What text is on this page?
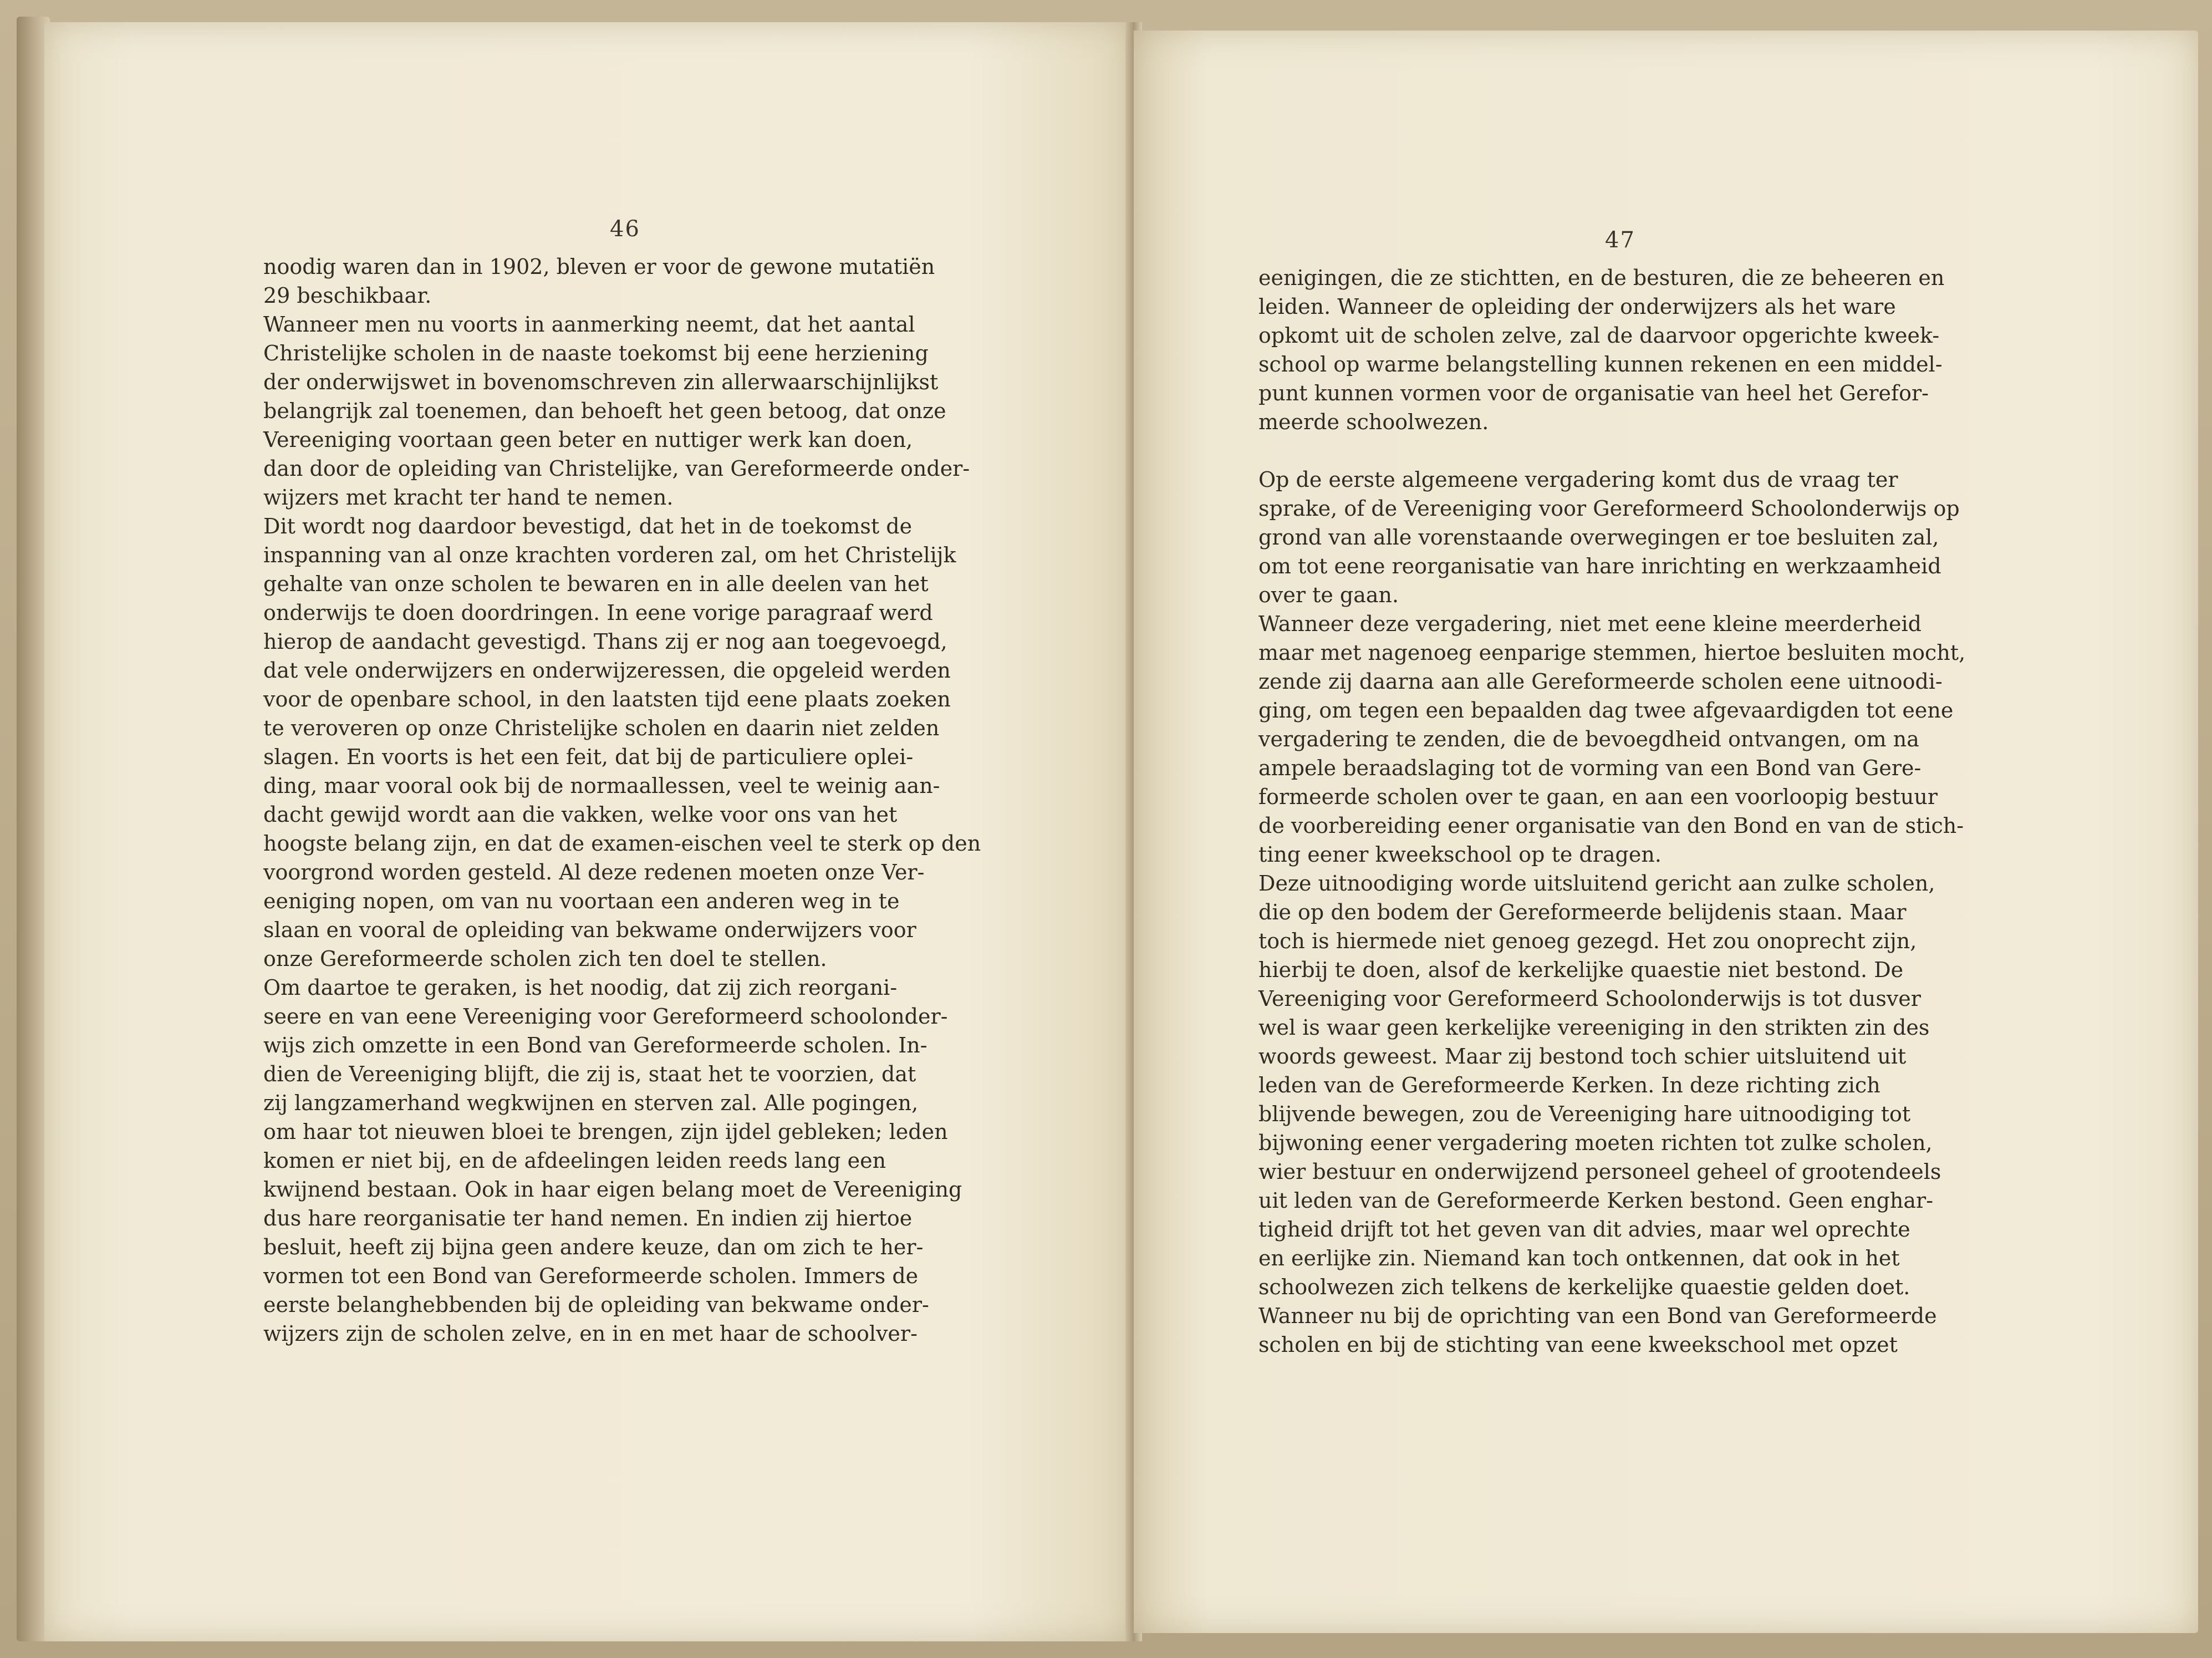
46
noodig waren dan in 1902, bleven er voor de gewone mutatiën
29 beschikbaar.
Wanneer men nu voorts in aanmerking neemt, dat het aantal
Christelijke scholen in de naaste toekomst bij eene herziening
der onderwijswet in bovenomschreven zin allerwaarschijnlijkst
belangrijk zal toenemen, dan behoeft het geen betoog, dat onze
Vereeniging voortaan geen beter en nuttiger werk kan doen,
dan door de opleiding van Christelijke, van Gereformeerde onder-
wijzers met kracht ter hand te nemen.
Dit wordt nog daardoor bevestigd, dat het in de toekomst de
inspanning van al onze krachten vorderen zal, om het Christelijk
gehalte van onze scholen te bewaren en in alle deelen van het
onderwijs te doen doordringen. In eene vorige paragraaf werd
hierop de aandacht gevestigd. Thans zij er nog aan toegevoegd,
dat vele onderwijzers en onderwijzeressen, die opgeleid werden
voor de openbare school, in den laatsten tijd eene plaats zoeken
te veroveren op onze Christelijke scholen en daarin niet zelden
slagen. En voorts is het een feit, dat bij de particuliere oplei-
ding, maar vooral ook bij de normaallessen, veel te weinig aan-
dacht gewijd wordt aan die vakken, welke voor ons van het
hoogste belang zijn, en dat de examen-eischen veel te sterk op den
voorgrond worden gesteld. Al deze redenen moeten onze Ver-
eeniging nopen, om van nu voortaan een anderen weg in te
slaan en vooral de opleiding van bekwame onderwijzers voor
onze Gereformeerde scholen zich ten doel te stellen.
Om daartoe te geraken, is het noodig, dat zij zich reorgani-
seere en van eene Vereeniging voor Gereformeerd schoolonder-
wijs zich omzette in een Bond van Gereformeerde scholen. In-
dien de Vereeniging blijft, die zij is, staat het te voorzien, dat
zij langzamerhand wegkwijnen en sterven zal. Alle pogingen,
om haar tot nieuwen bloei te brengen, zijn ijdel gebleken; leden
komen er niet bij, en de afdeelingen leiden reeds lang een
kwijnend bestaan. Ook in haar eigen belang moet de Vereeniging
dus hare reorganisatie ter hand nemen. En indien zij hiertoe
besluit, heeft zij bijna geen andere keuze, dan om zich te her-
vormen tot een Bond van Gereformeerde scholen. Immers de
eerste belanghebbenden bij de opleiding van bekwame onder-
wijzers zijn de scholen zelve, en in en met haar de schoolver-
47
eenigingen, die ze stichtten, en de besturen, die ze beheeren en
leiden. Wanneer de opleiding der onderwijzers als het ware
opkomt uit de scholen zelve, zal de daarvoor opgerichte kweek-
school op warme belangstelling kunnen rekenen en een middel-
punt kunnen vormen voor de organisatie van heel het Gerefor-
meerde schoolwezen.
Op de eerste algemeene vergadering komt dus de vraag ter
sprake, of de Vereeniging voor Gereformeerd Schoolonderwijs op
grond van alle vorenstaande overwegingen er toe besluiten zal,
om tot eene reorganisatie van hare inrichting en werkzaamheid
over te gaan.
Wanneer deze vergadering, niet met eene kleine meerderheid
maar met nagenoeg eenparige stemmen, hiertoe besluiten mocht,
zende zij daarna aan alle Gereformeerde scholen eene uitnoodi-
ging, om tegen een bepaalden dag twee afgevaardigden tot eene
vergadering te zenden, die de bevoegdheid ontvangen, om na
ampele beraadslaging tot de vorming van een Bond van Gere-
formeerde scholen over te gaan, en aan een voorloopig bestuur
de voorbereiding eener organisatie van den Bond en van de stich-
ting eener kweekschool op te dragen.
Deze uitnoodiging worde uitsluitend gericht aan zulke scholen,
die op den bodem der Gereformeerde belijdenis staan. Maar
toch is hiermede niet genoeg gezegd. Het zou onoprecht zijn,
hierbij te doen, alsof de kerkelijke quaestie niet bestond. De
Vereeniging voor Gereformeerd Schoolonderwijs is tot dusver
wel is waar geen kerkelijke vereeniging in den strikten zin des
woords geweest. Maar zij bestond toch schier uitsluitend uit
leden van de Gereformeerde Kerken. In deze richting zich
blijvende bewegen, zou de Vereeniging hare uitnoodiging tot
bijwoning eener vergadering moeten richten tot zulke scholen,
wier bestuur en onderwijzend personeel geheel of grootendeels
uit leden van de Gereformeerde Kerken bestond. Geen enghar-
tigheid drijft tot het geven van dit advies, maar wel oprechte
en eerlijke zin. Niemand kan toch ontkennen, dat ook in het
schoolwezen zich telkens de kerkelijke quaestie gelden doet.
Wanneer nu bij de oprichting van een Bond van Gereformeerde
scholen en bij de stichting van eene kweekschool met opzet
